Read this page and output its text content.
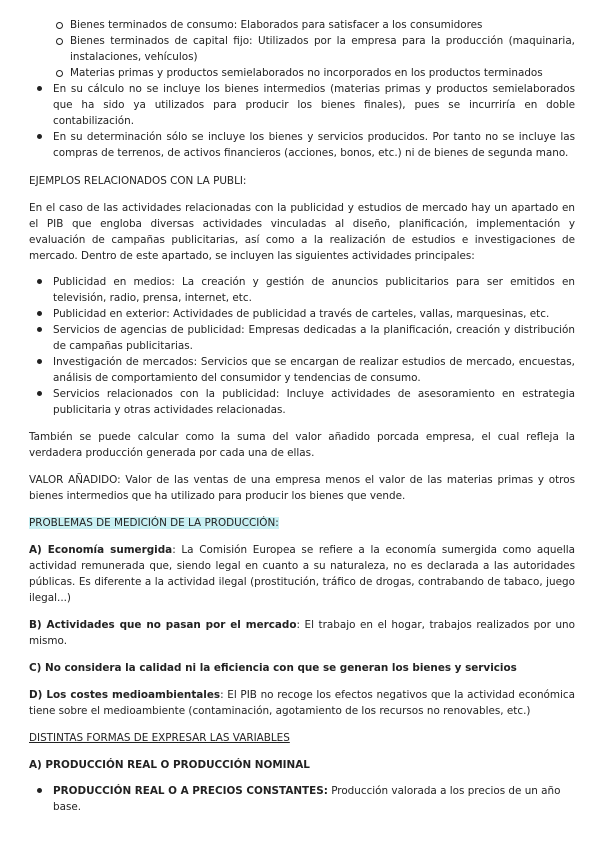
Bienes terminados de consumo: Elaborados para satisfacer a los consumidores
Bienes terminados de capital fijo: Utilizados por la empresa para la producción (maquinaria, instalaciones, vehículos)
Materias primas y productos semielaborados no incorporados en los productos terminados
En su cálculo no se incluye los bienes intermedios (materias primas y productos semielaborados que ha sido ya utilizados para producir los bienes finales), pues se incurriría en doble contabilización.
En su determinación sólo se incluye los bienes y servicios producidos. Por tanto no se incluye las compras de terrenos, de activos financieros (acciones, bonos, etc.) ni de bienes de segunda mano.

EJEMPLOS RELACIONADOS CON LA PUBLI:

En el caso de las actividades relacionadas con la publicidad y estudios de mercado hay un apartado en el PIB que engloba diversas actividades vinculadas al diseño, planificación, implementación y evaluación de campañas publicitarias, así como a la realización de estudios e investigaciones de mercado. Dentro de este apartado, se incluyen las siguientes actividades principales:

Publicidad en medios: La creación y gestión de anuncios publicitarios para ser emitidos en televisión, radio, prensa, internet, etc.
Publicidad en exterior: Actividades de publicidad a través de carteles, vallas, marquesinas, etc.
Servicios de agencias de publicidad: Empresas dedicadas a la planificación, creación y distribución de campañas publicitarias.
Investigación de mercados: Servicios que se encargan de realizar estudios de mercado, encuestas, análisis de comportamiento del consumidor y tendencias de consumo.
Servicios relacionados con la publicidad: Incluye actividades de asesoramiento en estrategia publicitaria y otras actividades relacionadas.

También se puede calcular como la suma del valor añadido porcada empresa, el cual refleja la verdadera producción generada por cada una de ellas.

VALOR AÑADIDO: Valor de las ventas de una empresa menos el valor de las materias primas y otros bienes intermedios que ha utilizado para producir los bienes que vende.

PROBLEMAS DE MEDICIÓN DE LA PRODUCCIÓN:

A) Economía sumergida: La Comisión Europea se refiere a la economía sumergida como aquella actividad remunerada que, siendo legal en cuanto a su naturaleza, no es declarada a las autoridades públicas. Es diferente a la actividad ilegal (prostitución, tráfico de drogas, contrabando de tabaco, juego ilegal...)

B) Actividades que no pasan por el mercado: El trabajo en el hogar, trabajos realizados por uno mismo.

C) No considera la calidad ni la eficiencia con que se generan los bienes y servicios

D) Los costes medioambientales: El PIB no recoge los efectos negativos que la actividad económica tiene sobre el medioambiente (contaminación, agotamiento de los recursos no renovables, etc.)

DISTINTAS FORMAS DE EXPRESAR LAS VARIABLES

A) PRODUCCIÓN REAL O PRODUCCIÓN NOMINAL

PRODUCCIÓN REAL O A PRECIOS CONSTANTES: Producción valorada a los precios de un año base.
